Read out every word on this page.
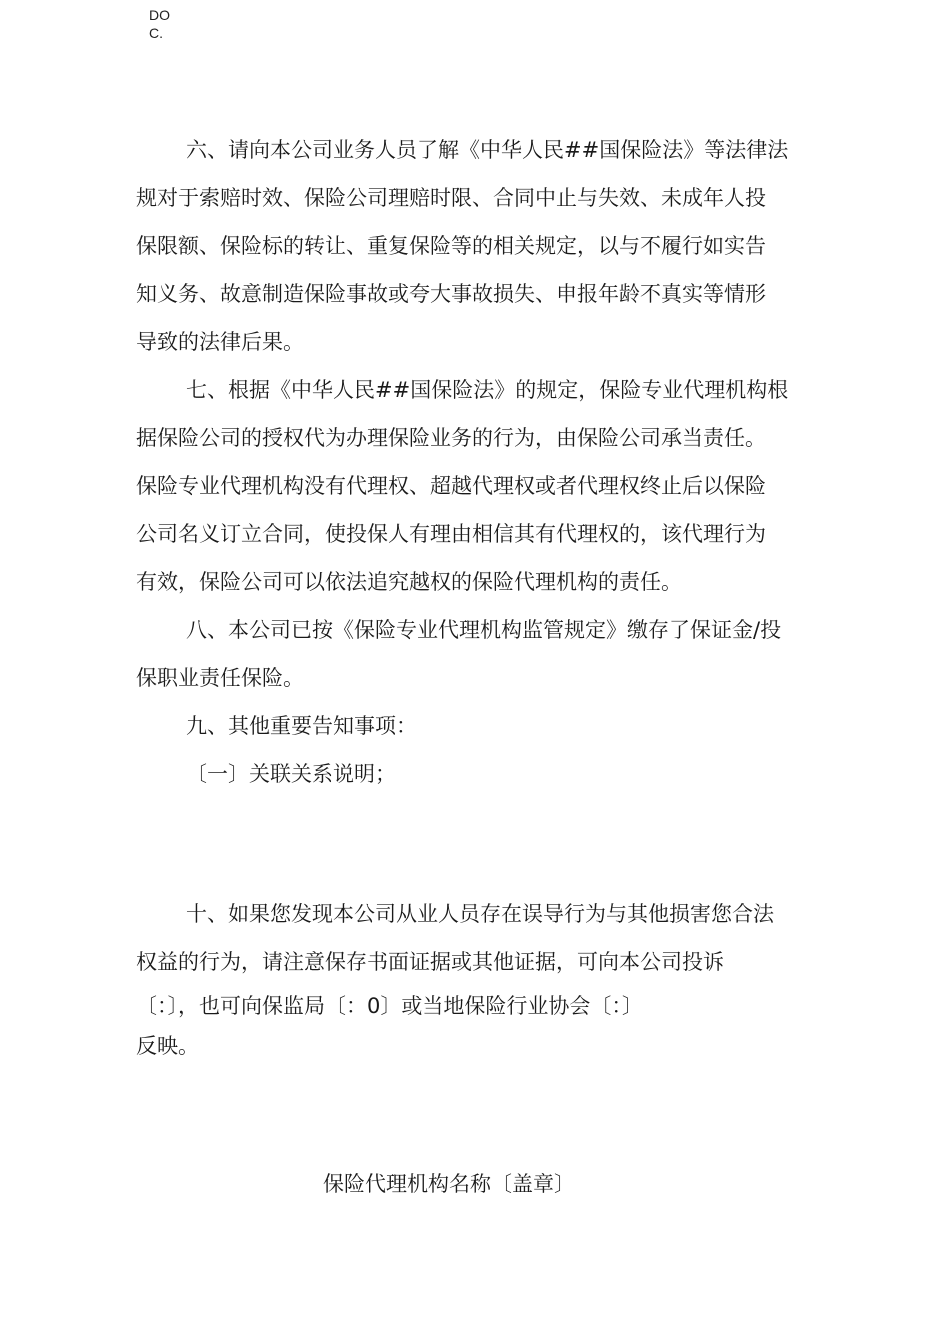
DO
C.
六、请向本公司业务人员了解《中华人民##国保险法》等法律法
规对于索赔时效、保险公司理赔时限、合同中止与失效、未成年人投
保限额、保险标的转让、重复保险等的相关规定，以与不履行如实告
知义务、故意制造保险事故或夸大事故损失、申报年龄不真实等情形
导致的法律后果。
七、根据《中华人民##国保险法》的规定，保险专业代理机构根
据保险公司的授权代为办理保险业务的行为，由保险公司承当责任。
保险专业代理机构没有代理权、超越代理权或者代理权终止后以保险
公司名义订立合同，使投保人有理由相信其有代理权的，该代理行为
有效，保险公司可以依法追究越权的保险代理机构的责任。
八、本公司已按《保险专业代理机构监管规定》缴存了保证金/投
保职业责任保险。
九、其他重要告知事项：
〔一〕关联关系说明；
十、如果您发现本公司从业人员存在误导行为与其他损害您合法
权益的行为，请注意保存书面证据或其他证据，可向本公司投诉
〔：〕，也可向保监局〔：0〕或当地保险行业协会〔：〕
反映。
保险代理机构名称〔盖章〕
